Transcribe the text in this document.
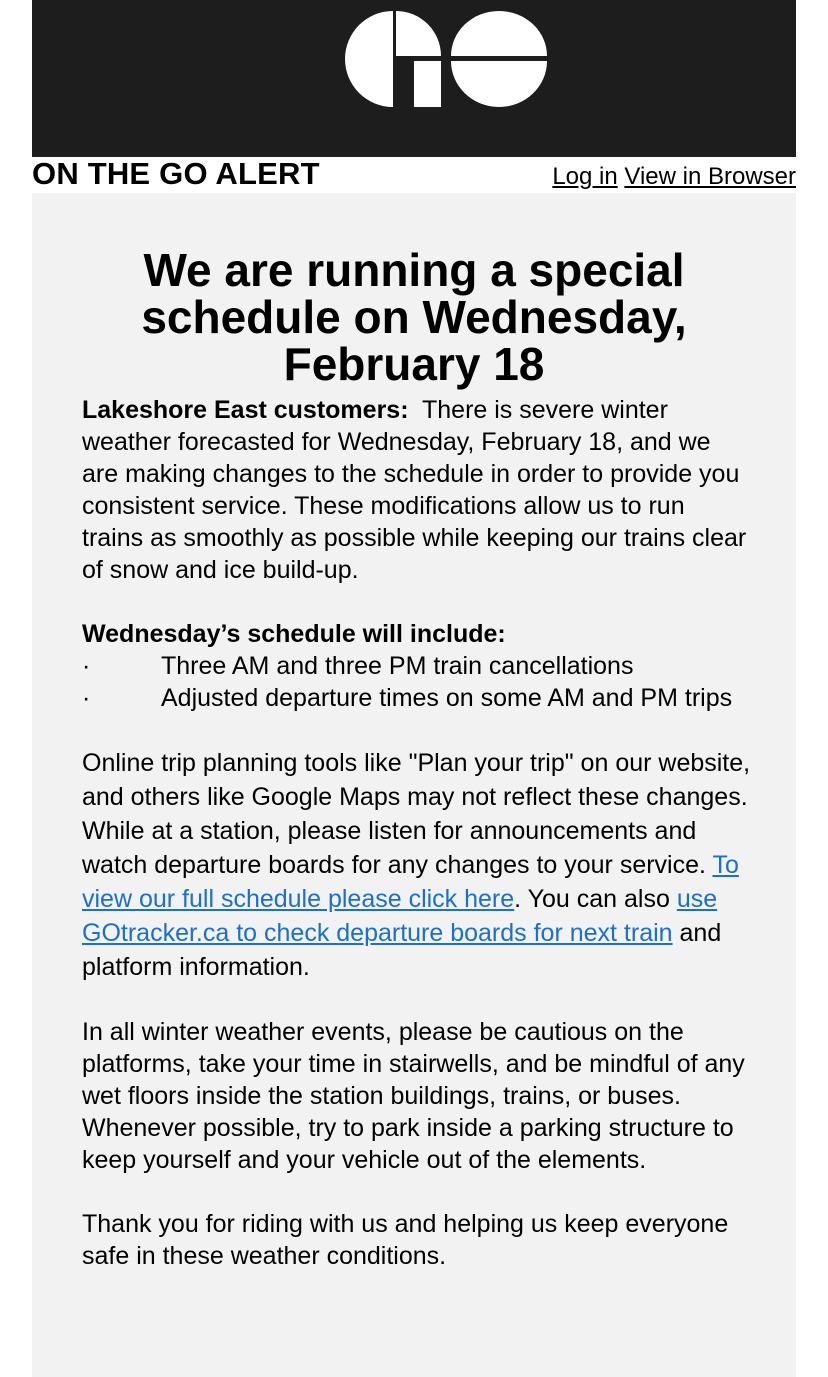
ON THE GO ALERT	Log in View in Browser
We are running a special schedule on Wednesday, February 18

Lakeshore East customers: There is severe winter weather forecasted for Wednesday, February 18, and we are making changes to the schedule in order to provide you consistent service. These modifications allow us to run trains as smoothly as possible while keeping our trains clear of snow and ice build-up.

Wednesday’s schedule will include:

·	Three AM and three PM train cancellations

·	Adjusted departure times on some AM and PM trips

Online trip planning tools like "Plan your trip" on our website, and others like Google Maps may not reflect these changes. While at a station, please listen for announcements and watch departure boards for any changes to your service. To view our full schedule please click here. You can also use GOtracker.ca to check departure boards for next train and platform information.

In all winter weather events, please be cautious on the platforms, take your time in stairwells, and be mindful of any wet floors inside the station buildings, trains, or buses. Whenever possible, try to park inside a parking structure to keep yourself and your vehicle out of the elements.

Thank you for riding with us and helping us keep everyone safe in these weather conditions.
